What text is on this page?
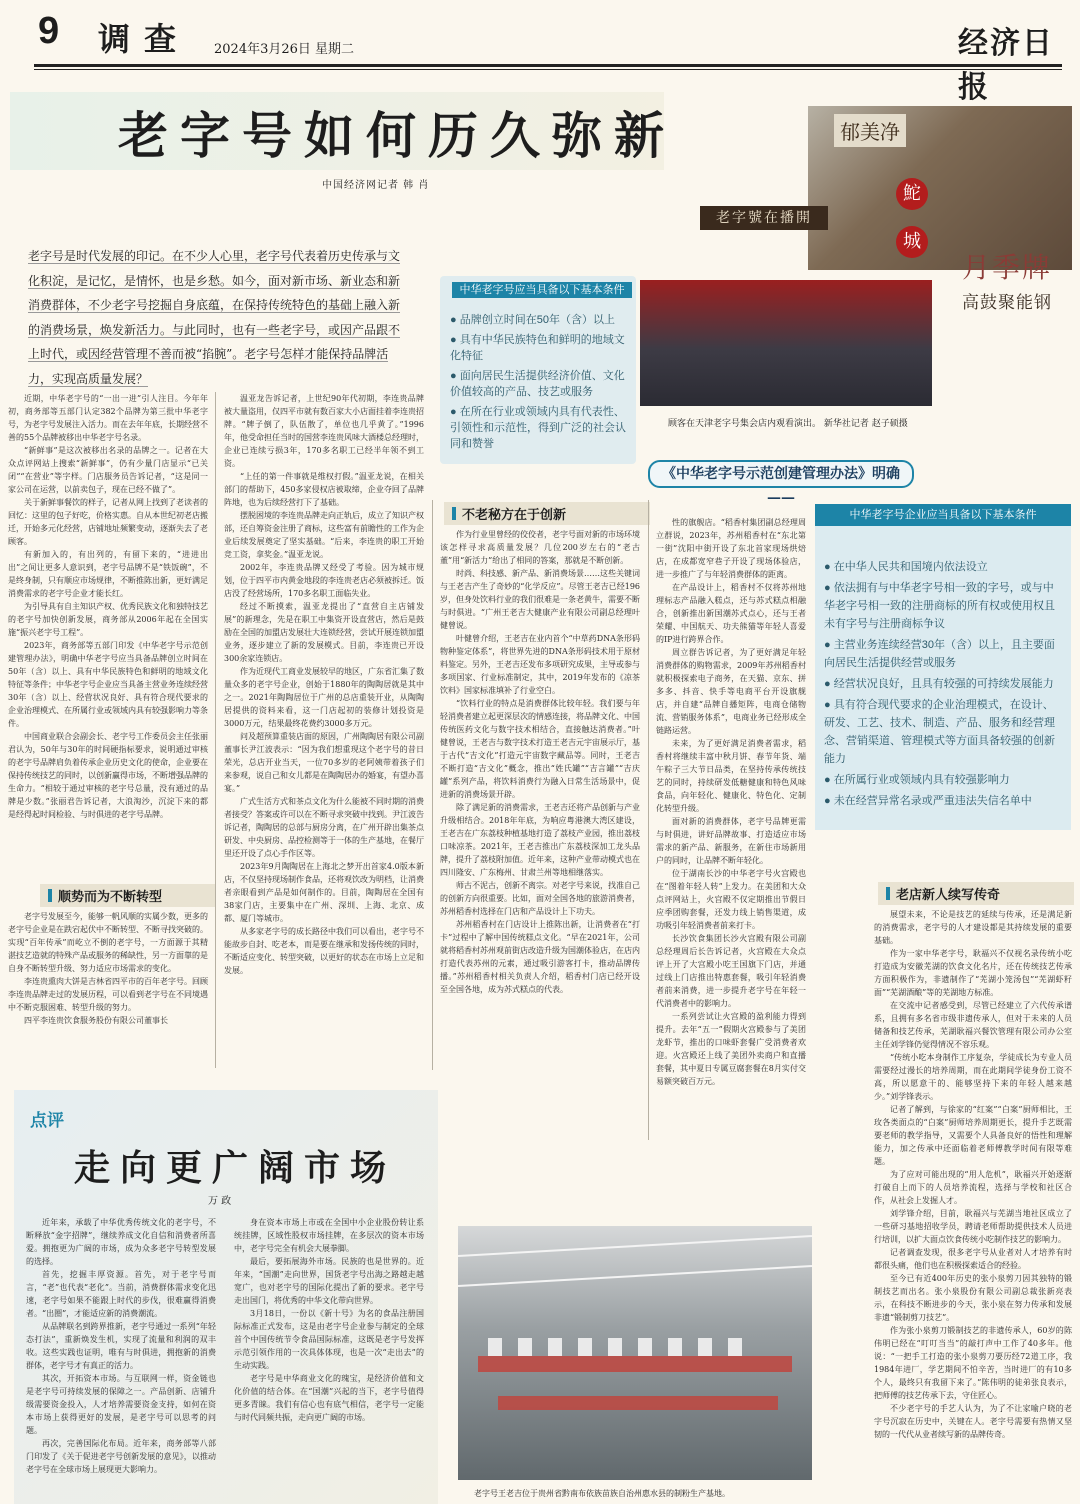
9 调查 2024年3月26日 星期二	经济日报
老字号如何历久弥新
中国经济网记者 韩 肖
老字号是时代发展的印记。在不少人心里，老字号代表着历史传承与文化积淀，是记忆，是情怀，也是乡愁。如今，面对新市场、新业态和新消费群体，不少老字号挖掘自身底蕴，在保持传统特色的基础上融入新的消费场景，焕发新活力。与此同时，也有一些老字号，或因产品跟不上时代，或因经营管理不善而被“掐腕”。老字号怎样才能保持品牌活力，实现高质量发展？
郁美净
鮀
城
老字號在播開
月季牌
高鼓聚能钢
顾客在天津老字号集会店内观看演出。 新华社记者 赵子硕摄
中华老字号应当具备以下基本条件
● 品牌创立时间在50年（含）以上
● 具有中华民族特色和鲜明的地域文化特征
● 面向居民生活提供经济价值、文化价值较高的产品、技艺或服务
● 在所在行业或领域内具有代表性、引领性和示范性，得到广泛的社会认同和赞誉
《中华老字号示范创建管理办法》明确——
中华老字号企业应当具备以下基本条件
● 在中华人民共和国境内依法设立
● 依法拥有与中华老字号相一致的字号，或与中华老字号相一致的注册商标的所有权或使用权且未有字号与注册商标争议
● 主营业务连续经营30年（含）以上，且主要面向居民生活提供经营或服务
● 经营状况良好，且具有较强的可持续发展能力
● 具有符合现代要求的企业治理模式，在设计、研发、工艺、技术、制造、产品、服务和经营理念、营销渠道、管理模式等方面具备较强的创新能力
● 在所属行业或领域内具有较强影响力
● 未在经营异常名录或严重违法失信名单中

近期，中华老字号的“一出一进”引人注目。今年年初，商务部等五部门认定382个品牌为第三批中华老字号，为老字号发展注入活力。而在去年年底，长期经营不善的55个品牌被移出中华老字号名录。

“新鲜事”是这次被移出名录的品牌之一。记者在大众点评网站上搜索“新鲜事”，仍有少量门店显示“已关闭”“在营业”等字样。门店服务员告诉记者，“这是同一家公司在运营，以前卖包子，现在已经不做了”。

关于新鲜事餐饮的样子，记者从网上找到了老读者的回忆：这里的包子好吃，价格实惠。自从本世纪初老店搬迁，开始多元化经营，店铺地址频繁变动，逐渐失去了老顾客。

有新加入的，有出列的，有留下来的，“进进出出”之间让更多人意识到，老字号品牌不是“铁饭碗”，不是终身制，只有顺应市场规律，不断推陈出新，更好满足消费需求的老字号企业才能长红。

为引导具有自主知识产权、优秀民族文化和独特技艺的老字号加快创新发展，商务部从2006年起在全国实施“振兴老字号工程”。

2023年，商务部等五部门印发《中华老字号示范创建管理办法》，明确中华老字号应当具备品牌创立时间在50年（含）以上、具有中华民族特色和鲜明的地域文化特征等条件；中华老字号企业应当具备主营业务连续经营30年（含）以上、经营状况良好、具有符合现代要求的企业治理模式、在所属行业或领域内具有较强影响力等条件。

中国商业联合会副会长、老字号工作委员会主任张丽君认为，50年与30年的时间硬指标要求，说明通过审核的老字号品牌肩负着传承企业历史文化的使命，企业要在保持传统技艺的同时，以创新赢得市场，不断增强品牌的生命力。“相较于通过审核的老字号总量，没有通过的品牌是少数。”张丽君告诉记者，大浪淘沙，沉淀下来的都是经得起时间检验、与时俱进的老字号品牌。

顺势而为不断转型

老字号发展至今，能够一帆风顺的实属少数，更多的老字号企业是在跌宕起伏中不断转型、不断寻找突破的。实现“百年传承”而屹立不倒的老字号，一方面源于其精湛技艺造就的特殊产品或服务的稀缺性，另一方面靠的是自身不断转型升级、努力适应市场需求的变化。

李连贵熏肉大饼是吉林省四平市的百年老字号。回顾李连贵品牌走过的发展历程，可以看到老字号在不同境遇中不断克服困难、转型升级的努力。

四平李连贵饮食服务股份有限公司董事长

温亚龙告诉记者，上世纪90年代初期，李连贵品牌被大量盗用，仅四平市就有数百家大小店面挂着李连贵招牌。“牌子倒了，队伍散了，单位也几乎黄了。”1996年，他受命担任当时的国营李连贵风味大酒楼总经理时，企业已连续亏损3年，170多名职工已经半年领不到工资。

“上任的第一件事就是维权打假。”温亚龙说，在相关部门的帮助下，450多家侵权店被取缔，企业夺回了品牌阵地，也为后续经营打下了基础。

摆脱困境的李连贵品牌走向正轨后，成立了知识产权部，还自筹资金注册了商标，这些富有前瞻性的工作为企业后续发展奠定了坚实基础。“后来，李连贵的职工开始竞工资，拿奖金。”温亚龙说。

2002年，李连贵品牌又经受了考验。因为城市规划，位于四平市内黄金地段的李连贵老店必须被拆迁。饭店没了经营场所，170多名职工面临失业。

经过不断摸索，温亚龙提出了“直营自主店铺发展”的新理念，先是在职工中集资开设直营店，然后是鼓励在全国的加盟店发展壮大连锁经营，尝试开展连锁加盟业务，逐步建立了新的发展模式。目前，李连贵已开设300余家连锁店。

作为近现代工商业发展较早的地区，广东省汇集了数量众多的老字号企业，创始于1880年的陶陶居就是其中之一。2021年陶陶居位于广州的总店重装开业，从陶陶居提供的资料来看，这一门店起初的装修计划投资是3000万元，结果最终花费约3000多万元。

问及超预算重装店面的原因，广州陶陶居有限公司副董事长尹江波表示：“因为我们想重现这个老字号的昔日荣光，总店开业当天，一位70多岁的老阿姨带着孩子们来参观，说自己和女儿都是在陶陶居办的婚宴，有望办喜宴。”

广式生活方式和茶点文化为什么能被不同时期的消费者接受？答案或许可以在不断寻求突破中找到。尹江波告诉记者，陶陶居的总部与厨房分离，在广州开辟出集茶点研发、中央厨房、品控检测等于一体的生产基地，在餐厅里还开设了点心手作区等。

2023年9月陶陶居在上海北之梦开出首家4.0版本新店，不仅坚持现场制作食品，还将观饮改为明档，让消费者亲眼看到产品是如何制作的。目前，陶陶居在全国有38家门店，主要集中在广州、深圳、上海、北京、成都、厦门等城市。

从多家老字号的成长路径中我们可以看出，老字号不能故步自封、吃老本，而是要在继承和发扬传统的同时，不断适应变化、转型突破，以更好的状态在市场上立足和发展。

不老秘方在于创新

作为行业里曾经的佼佼者，老字号面对新的市场环境该怎样寻求高质量发展？几位200岁左右的“老古董”用“新活力”给出了相同的答案，那就是不断创新。

时尚、科技感、新产品、新消费场景……这些关键词与王老吉产生了奇妙的“化学反应”。尽管王老吉已经196岁，但身处饮料行业的我们很难是一条老黄牛，需要不断与时俱进。“广州王老吉大健康产业有限公司副总经理叶健曾说。

叶健曾介绍，王老吉在业内首个“中草药DNA条形码物种鉴定体系”，将世界先进的DNA条形码技术用于原材料鉴定。另外，王老吉还发布多项研究成果，主导或参与多项国家、行业标准制定，其中，2019年发布的《凉茶饮料》国家标准填补了行业空白。

“饮料行业的特点是消费群体比较年轻。我们要与年轻消费者建立起更深层次的情感连接，将品牌文化、中国传统医药文化与数字技术相结合，直接触达消费者。”叶健曾说，王老吉与数字技术打造王老吉元宇宙展示厅，基于古代“吉文化”打造元宇宙数字藏品等。同时，王老吉不断打造“吉文化”概念，推出“姓氏罐”“吉言罐”“吉庆罐”系列产品，将饮料消费行为融入日常生活场景中，促进新的消费场景开辟。

除了满足新的消费需求，王老吉还将产品创新与产业升级相结合。2018年年底，为响应粤港澳大湾区建设，王老吉在广东荔枝种植基地打造了荔枝产业园，推出荔枝口味凉茶。2021年，王老吉推出广东荔枝深加工龙头品牌，提升了荔枝附加值。近年来，这种产业带动模式也在四川隆安、广东梅州、甘肃兰州等地相继落实。

师古不泥古，创新不离宗。对老字号来说，找准自己的创新方向很重要。比如，面对全国各地的旅游消费者，苏州稻香村选择在门店和产品设计上下功夫。

苏州稻香村在门店设计上推陈出新，让消费者在“打卡”过程中了解中国传统糕点文化。“早在2021年，公司就将稻香村苏州观前街店改造升级为国潮体验店，在店内打造代表苏州的元素，通过吸引游客打卡，推动品牌传播。”苏州稻香村相关负责人介绍，稻香村门店已经开设至全国各地，成为苏式糕点的代表。

性的旗舰店。“稻香村集团副总经理周立群说，2023年，苏州稻香村在“东北第一街”沈阳中街开设了东北首家现场烘焙店，在成都宽窄巷子开设了现场体验店，进一步推广了与年轻消费群体的距离。

在产品设计上，稻香村不仅将苏州地理标志产品融入糕点，还与苏式糕点相融合，创新推出新国潮苏式点心，还与王者荣耀、中国航天、功夫熊猫等年轻人喜爱的IP进行跨界合作。

周立群告诉记者，为了更好满足年轻消费群体的购物需求，2009年苏州稻香村就积极探索电子商务，在天猫、京东、拼多多、抖音、快手等电商平台开设旗舰店，并自建“品牌自播矩阵，电商仓储物流、营销服务体系”，电商业务已经形成全链路运营。

未来，为了更好满足消费者需求，稻香村将继续丰富中秋月饼、春节年货、端午粽子三大节日品类，在坚持传承传统技艺的同时，持续研发低糖健康和特色风味食品，向年轻化、健康化、特色化、定制化转型升级。

面对新的消费群体，老字号品牌更需与时俱进，讲好品牌故事、打造适应市场需求的新产品、新服务，在新住市场新用户的同时，让品牌不断年轻化。

位于湖南长沙的中华老字号火宫殿也在“图着年轻人转”上发力。在美团和大众点评网站上，火宫殿不仅定期推出节假日应季团购套餐，还发力线上销售渠道，成功吸引年轻消费者前来打卡。

长沙饮食集团长沙火宫殿有限公司副总经理周后长告诉记者，火宫殿在大众点评上开了大宫殿小吃王国旗下门店，并通过线上门店推出特惠套餐，吸引年轻消费者前来消费，进一步提升老字号在年轻一代消费者中的影响力。

一系列尝试让火宫殿的盈利能力得到提升。去年“五一”假期火宫殿参与了美团龙虾节，推出的口味虾套餐广受消费者欢迎。火宫殿还上线了美团外卖商户和直播套餐，其中夏日专属豆腐套餐在8月实付交易额突破百万元。

老店新人续写传奇

展望未来，不论是技艺的延续与传承，还是满足新的消费需求，老字号的人才建设都是其持续发展的重要基础。

作为一家中华老字号，耿福兴不仅视名录传统小吃打造成为安徽芜湖的饮食文化名片，还在传统技艺传承方面积极作为，非遗制作了“芜湖小笼汤包”“芜湖虾籽面”“芜湖酒酿”等的芜湖地方标准。

在交流中记者感受到，尽管已经建立了六代传承谱系，且拥有多名省市级非遗传承人，但对于未来的人员储备和技艺传承，芜湖耿福兴餐饮管理有限公司办公室主任刘学锋仍觉得情况不容乐观。

“传统小吃本身制作工序复杂，学徒成长为专业人员需要经过漫长的培养周期，而在此期间学徒身份工资不高，所以愿意干的、能够坚持下来的年轻人越来越少。”刘学锋表示。

记者了解到，与徐家的“红案”“白案”厨师相比，王玫各类面点的“白案”厨师培养周期更长，提升手艺既需要老师的教学指导，又需要个人具备良好的悟性和理解能力，加之传承中还面临着老师傅教学时间有限等难题。

为了应对可能出现的“用人危机”，耿福兴开始逐渐打破自上而下的人员培养流程，选择与学校和社区合作，从社会上发掘人才。

刘学锋介绍，目前，耿福兴与芜湖当地社区成立了一些研习基地招收学员，聘请老师帮助提供技术人员进行培训，以扩大面点饮食传统小吃制作技艺的影响力。

记者调查发现，很多老字号从业者对人才培养有时都很头痛，他们也在积极探索适合的经验。

至今已有近400年历史的张小泉剪刀因其独特的锻制技艺而出名。张小泉股份有限公司副总裁张新亮表示，在科技不断进步的今天，张小泉在努力传承和发展非遗“锻制剪刀技艺”。

作为张小泉剪刀锻制技艺的非遗传承人，60岁的陈伟明已经在“叮叮当当”的敲打声中工作了40多年。他说：“一把手工打造的张小泉剪刀要历经72道工序，我1984年进厂，学艺期间不怕辛苦，当时进厂的有10多个人，最终只有我留下来了。”陈伟明的徒弟张良表示，把师傅的技艺传承下去，守住匠心。

不少老字号的手艺人认为，为了不让家喻户晓的老字号沉寂在历史中，关键在人。老字号需要有热情又坚韧的一代代从业者续写新的品牌传奇。

点评
走向更广阔市场
万 政

近年来，承载了中华优秀传统文化的老字号，不断释放“金字招牌”，继续养成文化自信和消费者所喜爱。拥抱更为广阔的市场，成为众多老字号转型发展的选择。

首先，挖掘丰厚资源。首先，对于老字号而言，“老”也代表“老化”。当前，消费群体需求变化迅速，老字号如果不能跟上时代的步伐，很难赢得消费者。“出圈”，才能适应新的消费潮流。

从品牌联名到跨界推新，老字号通过一系列“年轻态打法”，重新焕发生机，实现了流量和利润的双丰收。这些实践也证明，唯有与时俱进，拥抱新的消费群体，老字号才有真正的活力。

其次，开拓资本市场。与互联网一样，资金链也是老字号可持续发展的保障之一。产品创新、店铺升级需要资金投入，人才培养需要资金支持，如何在资本市场上获得更好的发展，是老字号可以思考的问题。

再次，完善国际化布局。近年来，商务部等八部门印发了《关于促进老字号创新发展的意见》，以推动老字号在全球市场上展现更大影响力。

身在资本市场上市或在全国中小企业股份转让系统挂牌，区域性股权市场挂牌，在多层次的资本市场中，老字号完全有机会大展拳脚。

最后，要拓展海外市场。民族的也是世界的。近年来，“国潮”走向世界，国货老字号出海之路越走越宽广，也对老字号的国际化提出了新的要求。老字号走出国门，将优秀的中华文化带向世界。

3月18日，一份以《新十号》为名的食品注册国际标准正式发布，这是由老字号企业参与制定的全球首个中国传统节令食品国际标准，这既是老字号发挥示范引领作用的一次具体体现，也是一次“走出去”的生动实践。

老字号是中华商业文化的瑰宝，是经济价值和文化价值的结合体。在“国潮”兴起的当下，老字号值得更多青睐。我们有信心也有底气相信，老字号一定能与时代同频共振，走向更广阔的市场。

老字号王老吉位于贵州省黔南布依族苗族自治州惠水县的制粉生产基地。
